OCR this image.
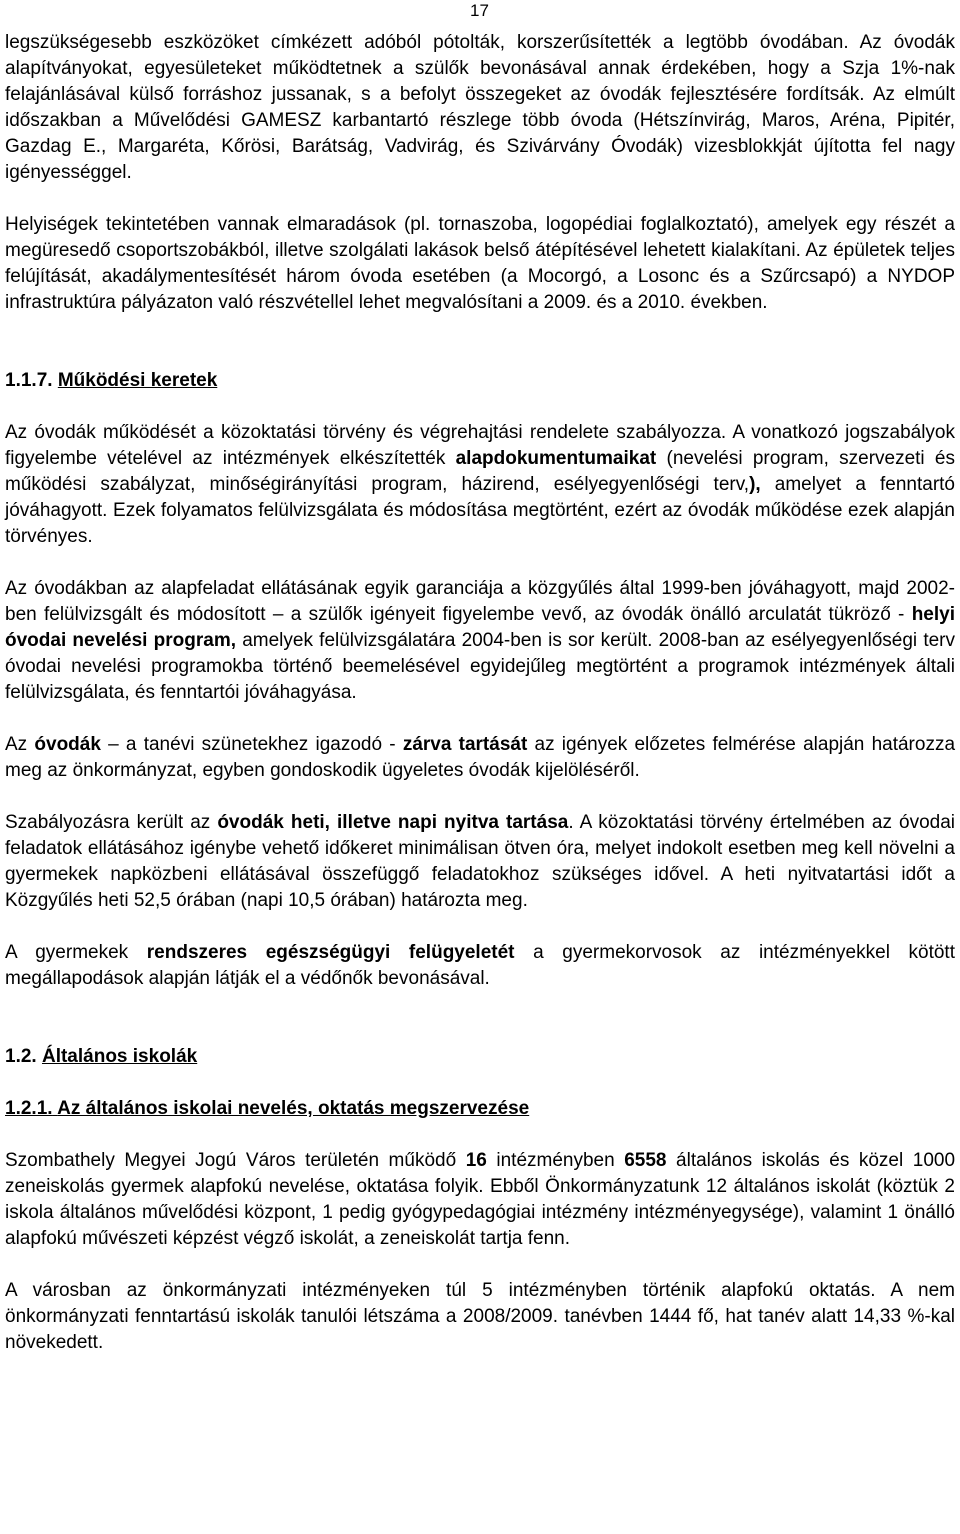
17

legszükségesebb eszközöket címkézett adóból pótolták, korszerűsítették a legtöbb óvodában. Az óvodák alapítványokat, egyesületeket működtetnek a szülők bevonásával annak érdekében, hogy a Szja 1%-nak felajánlásával külső forráshoz jussanak, s a befolyt összegeket az óvodák fejlesztésére fordítsák. Az elmúlt időszakban a Művelődési GAMESZ karbantartó részlege több óvoda (Hétszínvirág, Maros, Aréna, Pipitér, Gazdag E., Margaréta, Kőrösi, Barátság, Vadvirág, és Szivárvány Óvodák) vizesblokkját újította fel nagy igényességgel.

Helyiségek tekintetében vannak elmaradások (pl. tornaszoba, logopédiai foglalkoztató), amelyek egy részét a megüresedő csoportszobákból, illetve szolgálati lakások belső átépítésével lehetett kialakítani. Az épületek teljes felújítását, akadálymentesítését három óvoda esetében (a Mocorgó, a Losonc és a Szűrcsapó) a NYDOP infrastruktúra pályázaton való részvétellel lehet megvalósítani a 2009. és a 2010. években.

1.1.7. Működési keretek

Az óvodák működését a közoktatási törvény és végrehajtási rendelete szabályozza. A vonatkozó jogszabályok figyelembe vételével az intézmények elkészítették alapdokumentumaikat (nevelési program, szervezeti és működési szabályzat, minőségirányítási program, házirend, esélyegyenlőségi terv,), amelyet a fenntartó jóváhagyott. Ezek folyamatos felülvizsgálata és módosítása megtörtént, ezért az óvodák működése ezek alapján törvényes.

Az óvodákban az alapfeladat ellátásának egyik garanciája a közgyűlés által 1999-ben jóváhagyott, majd 2002-ben felülvizsgált és módosított – a szülők igényeit figyelembe vevő, az óvodák önálló arculatát tükröző - helyi óvodai nevelési program, amelyek felülvizsgálatára 2004-ben is sor került. 2008-ban az esélyegyenlőségi terv óvodai nevelési programokba történő beemelésével egyidejűleg megtörtént a programok intézmények általi felülvizsgálata, és fenntartói jóváhagyása.

Az óvodák – a tanévi szünetekhez igazodó - zárva tartását az igények előzetes felmérése alapján határozza meg az önkormányzat, egyben gondoskodik ügyeletes óvodák kijelöléséről.

Szabályozásra került az óvodák heti, illetve napi nyitva tartása. A közoktatási törvény értelmében az óvodai feladatok ellátásához igénybe vehető időkeret minimálisan ötven óra, melyet indokolt esetben meg kell növelni a gyermekek napközbeni ellátásával összefüggő feladatokhoz szükséges idővel. A heti nyitvatartási időt a Közgyűlés heti 52,5 órában (napi 10,5 órában) határozta meg.

A gyermekek rendszeres egészségügyi felügyeletét a gyermekorvosok az intézményekkel kötött megállapodások alapján látják el a védőnők bevonásával.

1.2. Általános iskolák

1.2.1. Az általános iskolai nevelés, oktatás megszervezése

Szombathely Megyei Jogú Város területén működő 16 intézményben 6558 általános iskolás és közel 1000 zeneiskolás gyermek alapfokú nevelése, oktatása folyik. Ebből Önkormányzatunk 12 általános iskolát (köztük 2 iskola általános művelődési központ, 1 pedig gyógypedagógiai intézmény intézményegysége), valamint 1 önálló alapfokú művészeti képzést végző iskolát, a zeneiskolát tartja fenn.

A városban az önkormányzati intézményeken túl 5 intézményben történik alapfokú oktatás. A nem önkormányzati fenntartású iskolák tanulói létszáma a 2008/2009. tanévben 1444 fő, hat tanév alatt 14,33 %-kal növekedett.
